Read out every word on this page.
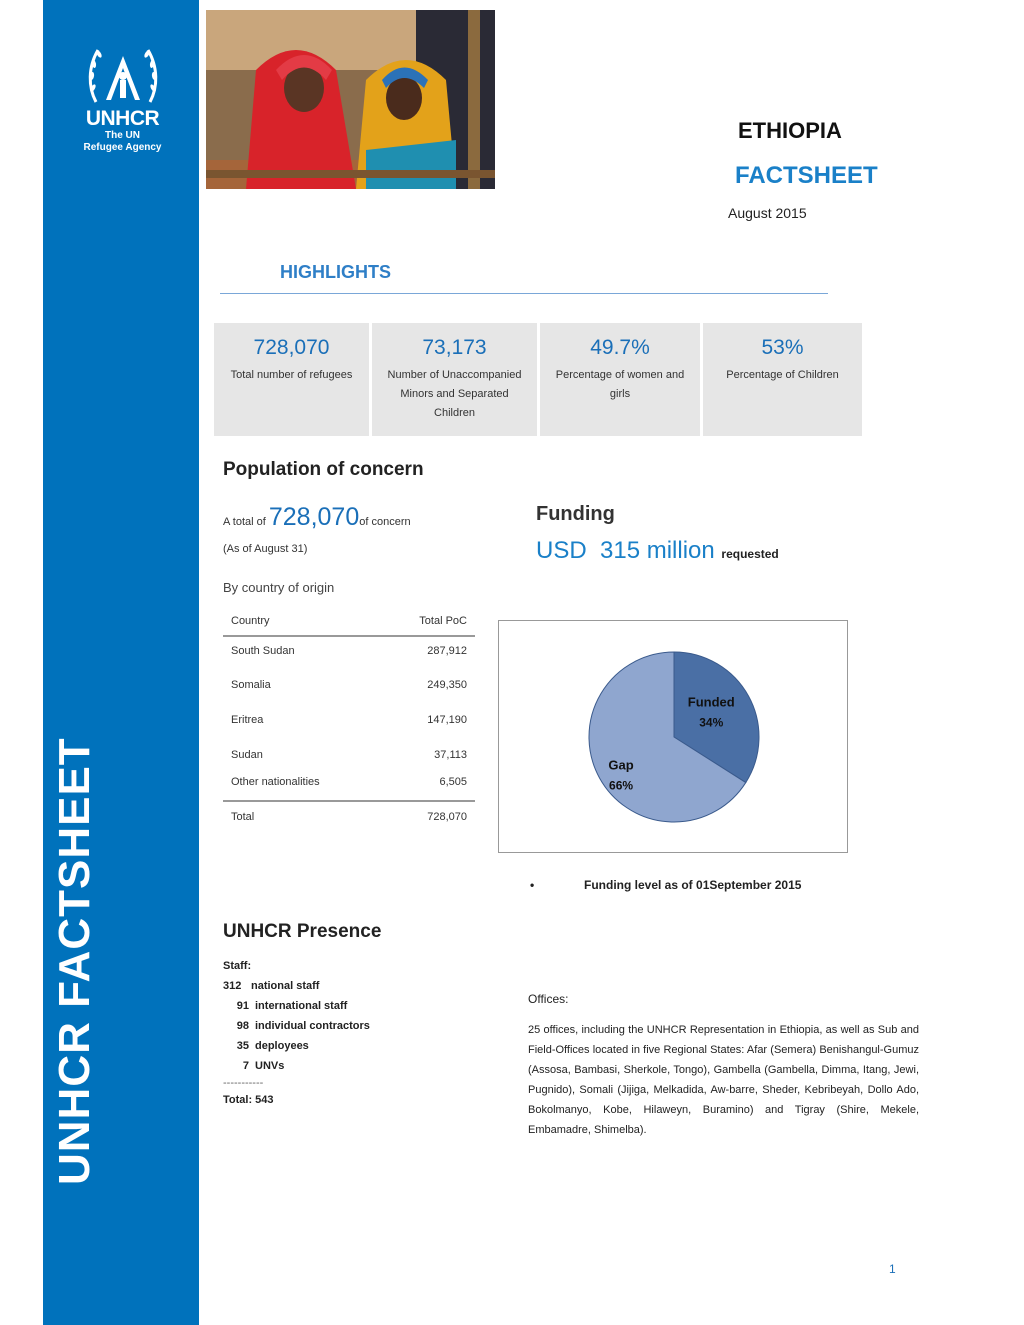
UNHCR
The UN
Refugee Agency
UNHCR FACTSHEET
ETHIOPIA
FACTSHEET
August 2015
HIGHLIGHTS
728,070
Total number of refugees
73,173
Number of Unaccompanied Minors and Separated Children
49.7%
Percentage of women and girls
53%
Percentage of Children
Population of concern
A total of 728,070of concern
(As of August 31)
By country of origin
Country	Total PoC
South Sudan	287,912
Somalia	249,350
Eritrea	147,190
Sudan	37,113
Other nationalities	6,505
Total	728,070
Funding
USD  315 million requested
Funded
34%
Gap
66%
•	Funding level as of 01September 2015
UNHCR Presence
Staff:
312 national staff
91 international staff
98 individual contractors
35 deployees
7 UNVs
-----------
Total: 543
Offices:
25 offices, including the UNHCR Representation in Ethiopia, as well as Sub and Field-Offices located in five Regional States: Afar (Semera) Benishangul-Gumuz (Assosa, Bambasi, Sherkole, Tongo), Gambella (Gambella, Dimma, Itang, Jewi, Pugnido), Somali (Jijiga, Melkadida, Aw-barre, Sheder, Kebribeyah, Dollo Ado, Bokolmanyo, Kobe, Hilaweyn, Buramino) and Tigray (Shire, Mekele, Embamadre, Shimelba).
1
